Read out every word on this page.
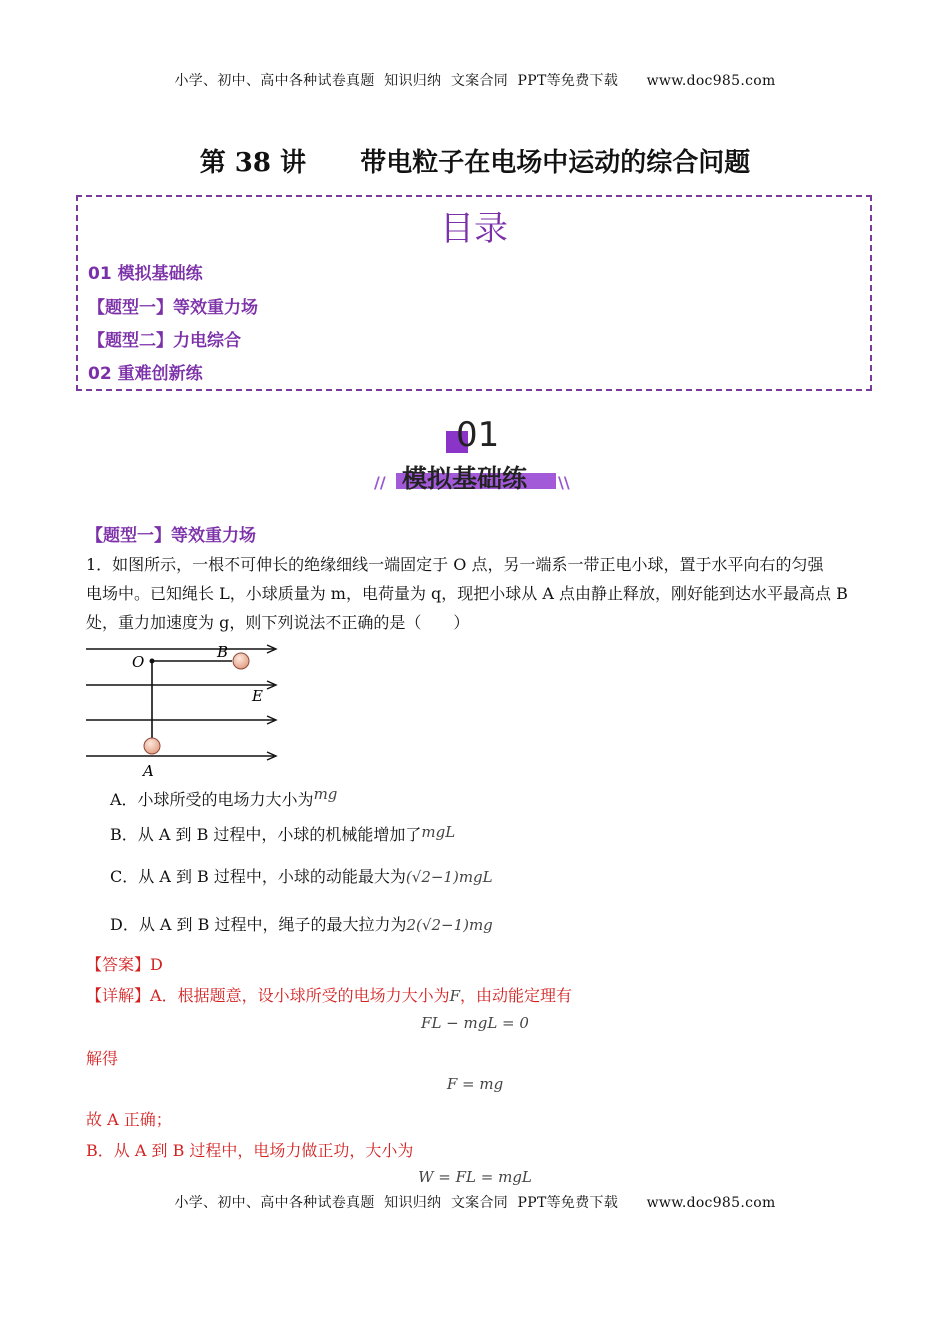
小学、初中、高中各种试卷真题  知识归纳  文案合同  PPT等免费下载      www.doc985.com
第 38 讲      带电粒子在电场中运动的综合问题
目录
01 模拟基础练
【题型一】等效重力场
【题型二】力电综合
02 重难创新练
01
模拟基础练
//	\\
【题型一】等效重力场
1．如图所示，一根不可伸长的绝缘细线一端固定于 O 点，另一端系一带正电小球，置于水平向右的匀强
电场中。已知绳长 L，小球质量为 m，电荷量为 q，现把小球从 A 点由静止释放，刚好能到达水平最高点 B
处，重力加速度为 g，则下列说法不正确的是（　　）
O
B
E
A
A．小球所受的电场力大小为mg
B．从 A 到 B 过程中，小球的机械能增加了mgL
C．从 A 到 B 过程中，小球的动能最大为(√2−1)mgL
D．从 A 到 B 过程中，绳子的最大拉力为2(√2−1)mg
【答案】D
【详解】A．根据题意，设小球所受的电场力大小为F，由动能定理有
FL − mgL = 0
解得
F = mg
故 A 正确；
B．从 A 到 B 过程中，电场力做正功，大小为
W = FL = mgL
小学、初中、高中各种试卷真题  知识归纳  文案合同  PPT等免费下载      www.doc985.com
